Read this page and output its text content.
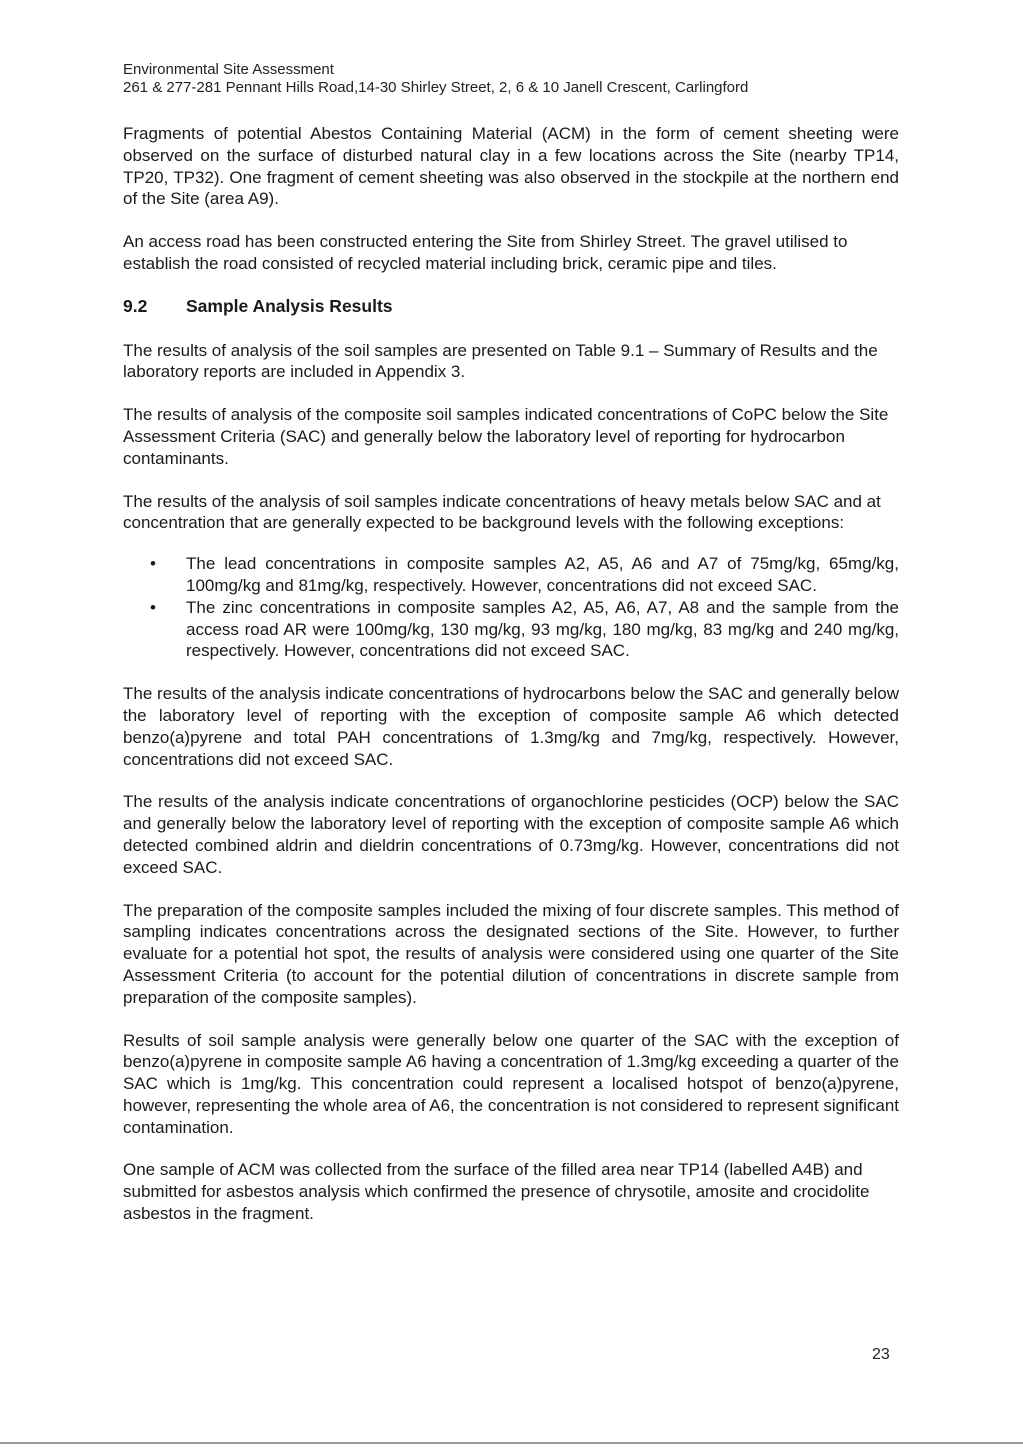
Environmental Site Assessment
261 & 277-281 Pennant Hills Road,14-30 Shirley Street, 2, 6 & 10 Janell Crescent, Carlingford

Fragments of potential Abestos Containing Material (ACM) in the form of cement sheeting were observed on the surface of disturbed natural clay in a few locations across the Site (nearby TP14, TP20, TP32). One fragment of cement sheeting was also observed in the stockpile at the northern end of the Site (area A9).

An access road has been constructed entering the Site from Shirley Street. The gravel utilised to establish the road consisted of recycled material including brick, ceramic pipe and tiles.

9.2	Sample Analysis Results

The results of analysis of the soil samples are presented on Table 9.1 – Summary of Results and the laboratory reports are included in Appendix 3.

The results of analysis of the composite soil samples indicated concentrations of CoPC below the Site Assessment Criteria (SAC) and generally below the laboratory level of reporting for hydrocarbon contaminants.

The results of the analysis of soil samples indicate concentrations of heavy metals below SAC and at concentration that are generally expected to be background levels with the following exceptions:

• The lead concentrations in composite samples A2, A5, A6 and A7 of 75mg/kg, 65mg/kg, 100mg/kg and 81mg/kg, respectively. However, concentrations did not exceed SAC.
• The zinc concentrations in composite samples A2, A5, A6, A7, A8 and the sample from the access road AR were 100mg/kg, 130 mg/kg, 93 mg/kg, 180 mg/kg, 83 mg/kg and 240 mg/kg, respectively. However, concentrations did not exceed SAC.

The results of the analysis indicate concentrations of hydrocarbons below the SAC and generally below the laboratory level of reporting with the exception of composite sample A6 which detected benzo(a)pyrene and total PAH concentrations of 1.3mg/kg and 7mg/kg, respectively. However, concentrations did not exceed SAC.

The results of the analysis indicate concentrations of organochlorine pesticides (OCP) below the SAC and generally below the laboratory level of reporting with the exception of composite sample A6 which detected combined aldrin and dieldrin concentrations of 0.73mg/kg. However, concentrations did not exceed SAC.

The preparation of the composite samples included the mixing of four discrete samples. This method of sampling indicates concentrations across the designated sections of the Site. However, to further evaluate for a potential hot spot, the results of analysis were considered using one quarter of the Site Assessment Criteria (to account for the potential dilution of concentrations in discrete sample from preparation of the composite samples).

Results of soil sample analysis were generally below one quarter of the SAC with the exception of benzo(a)pyrene in composite sample A6 having a concentration of 1.3mg/kg exceeding a quarter of the SAC which is 1mg/kg. This concentration could represent a localised hotspot of benzo(a)pyrene, however, representing the whole area of A6, the concentration is not considered to represent significant contamination.

One sample of ACM was collected from the surface of the filled area near TP14 (labelled A4B) and submitted for asbestos analysis which confirmed the presence of chrysotile, amosite and crocidolite asbestos in the fragment.

23
